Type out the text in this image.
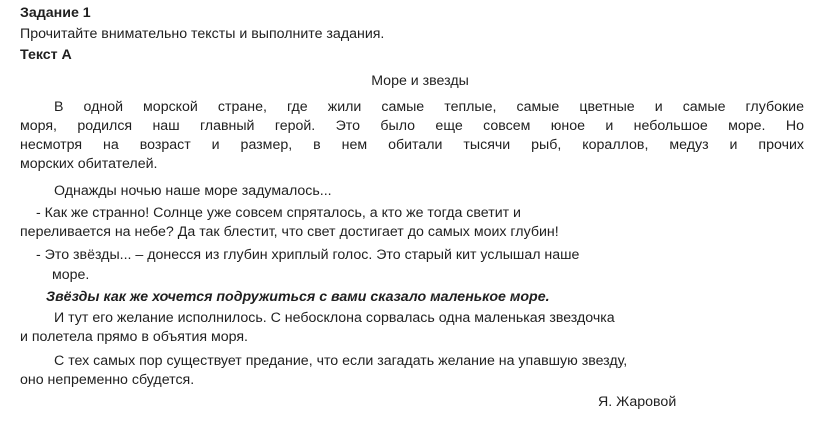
Задание 1
Прочитайте внимательно тексты и выполните задания.
Текст А
Море и звезды
В одной морской стране, где жили самые теплые, самые цветные и самые глубокие
моря, родился наш главный герой. Это было еще совсем юное и небольшое море. Но
несмотря на возраст и размер, в нем обитали тысячи рыб, кораллов, медуз и прочих
морских обитателей.
Однажды ночью наше море задумалось...
- Как же странно! Солнце уже совсем спряталось, а кто же тогда светит и
переливается на небе? Да так блестит, что свет достигает до самых моих глубин!
- Это звёзды... – донесся из глубин хриплый голос. Это старый кит услышал наше
море.
Звёзды как же хочется подружиться с вами сказало маленькое море.
И тут его желание исполнилось. С небосклона сорвалась одна маленькая звездочка
и полетела прямо в объятия моря.
С тех самых пор существует предание, что если загадать желание на упавшую звезду,
оно непременно сбудется.
Я. Жаровой
